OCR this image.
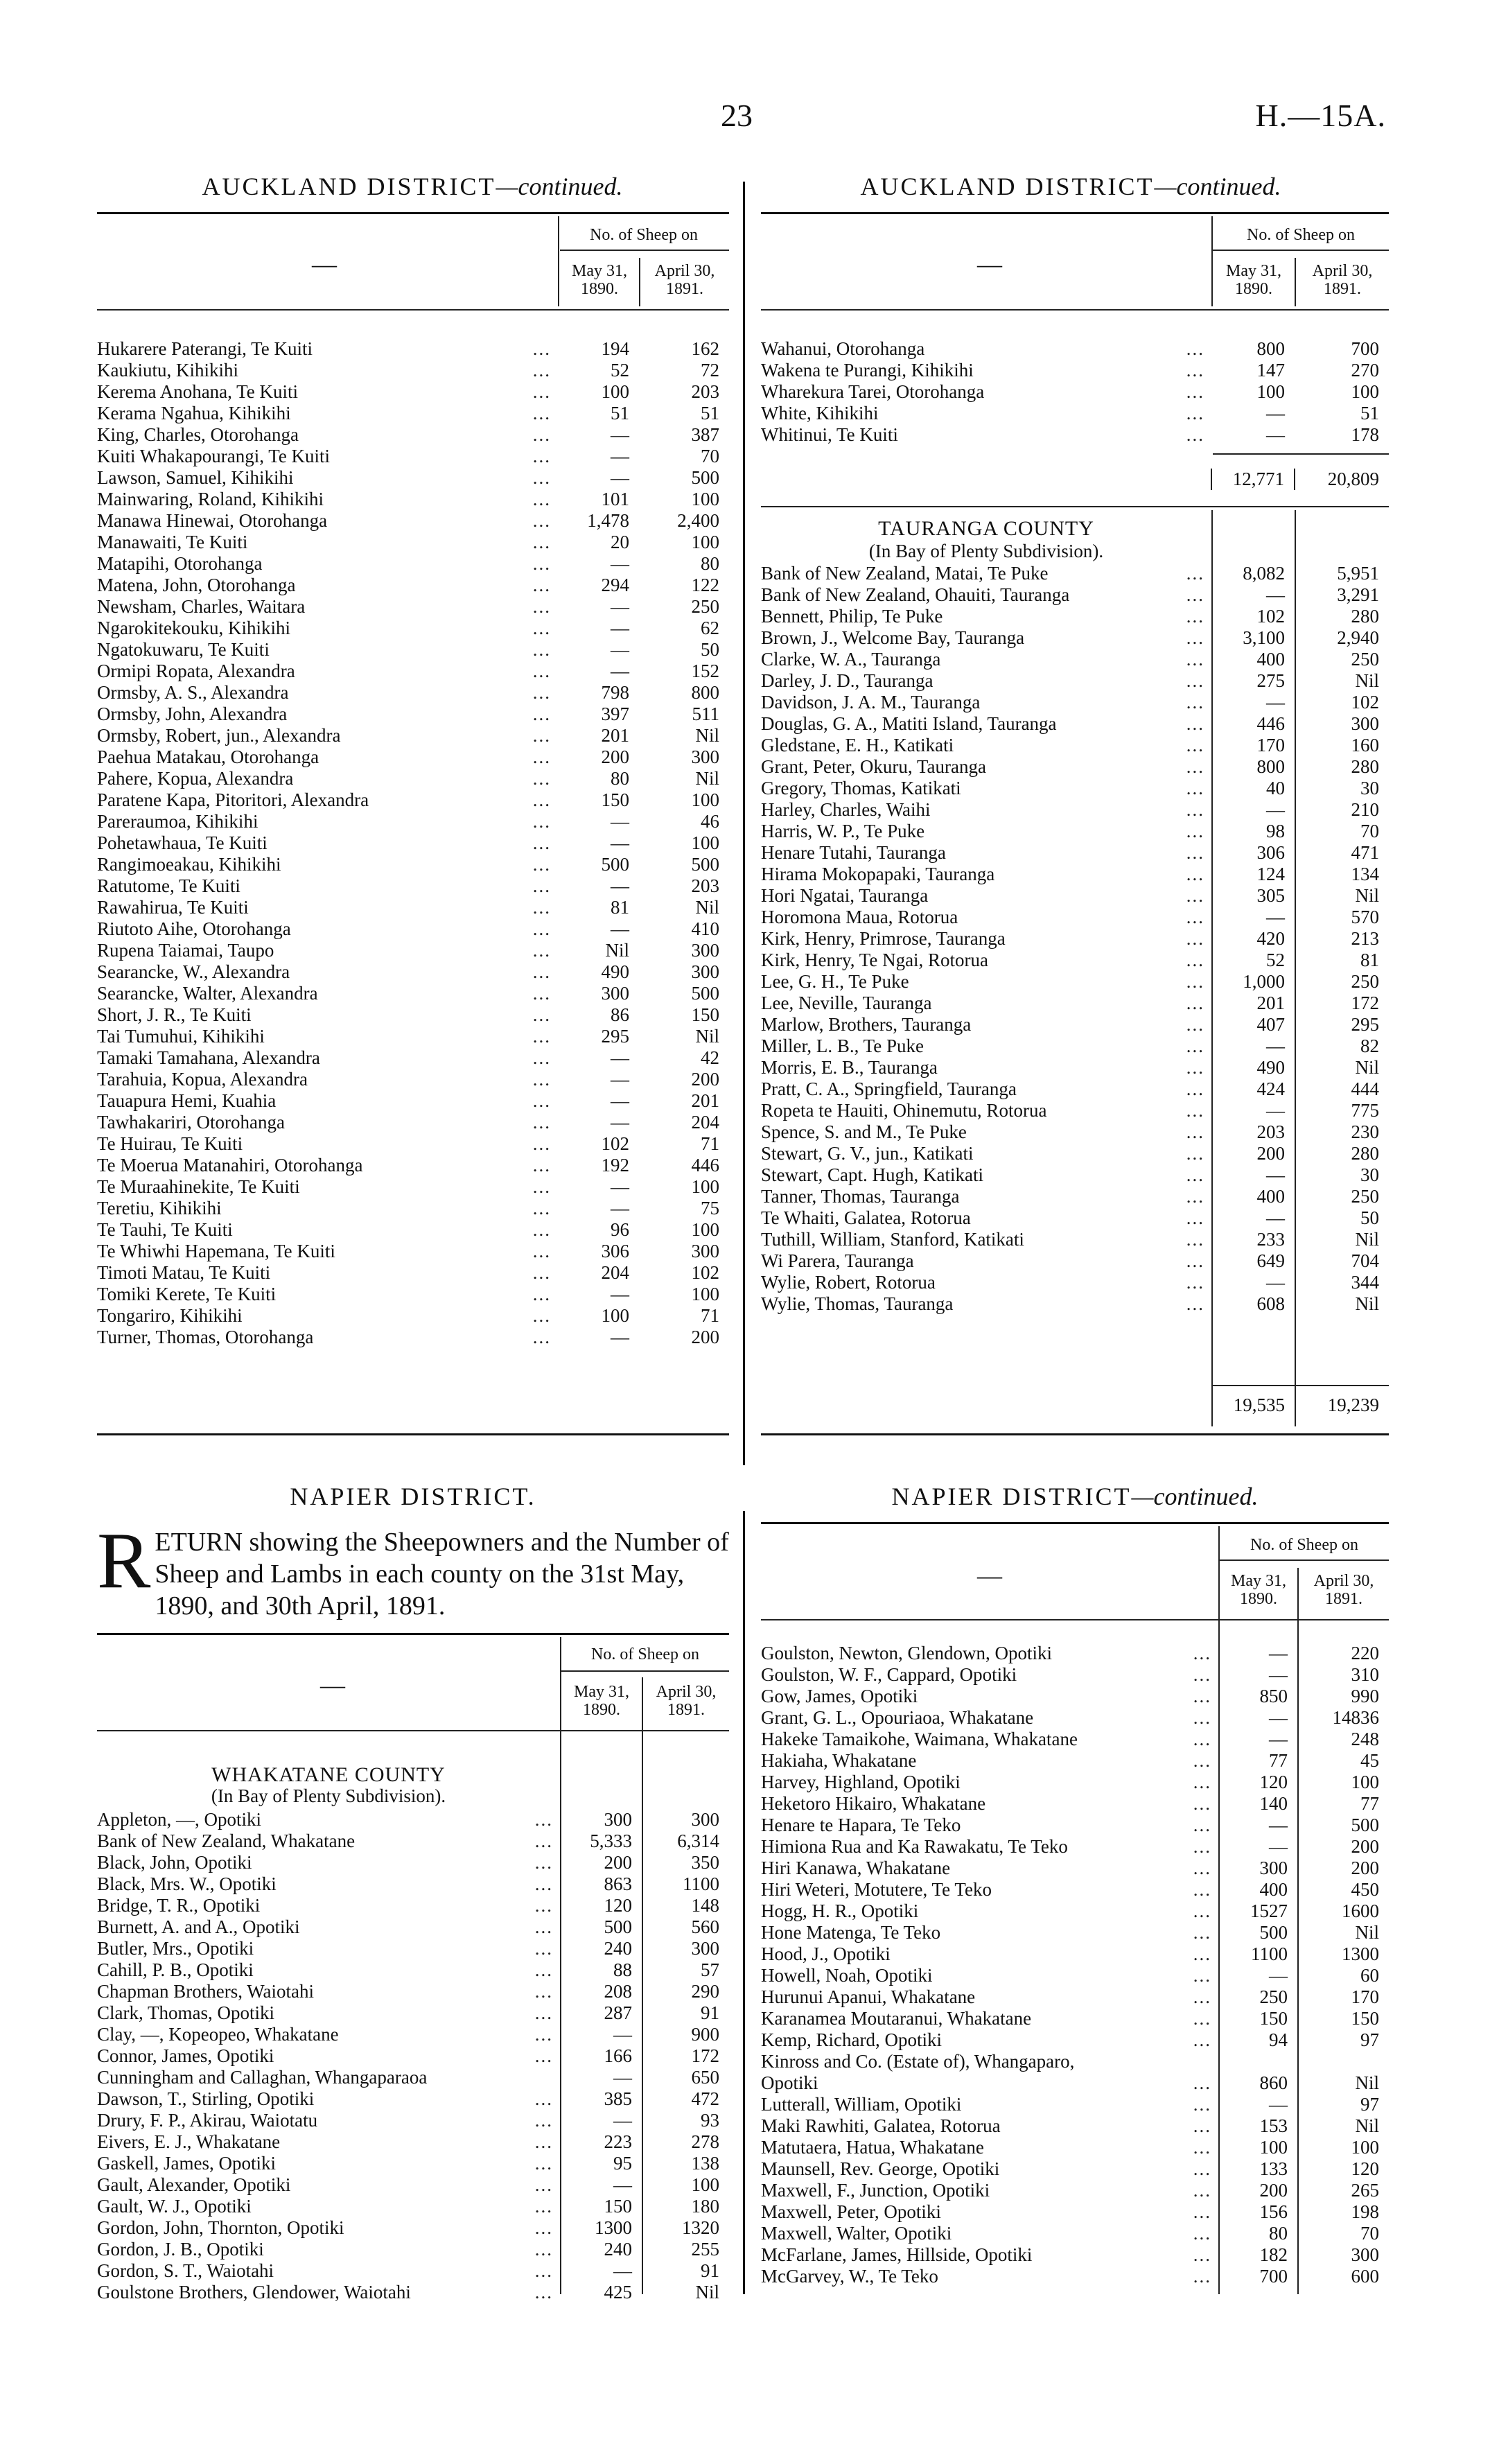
23	H.—15A.
AUCKLAND DISTRICT—continued.
No. of Sheep on
May 31,
1890.
April 30,
1891.
—
Hukarere Paterangi, Te Kuiti ...	194	162
Kaukiutu, Kihikihi ...	52	72
Kerema Anohana, Te Kuiti ...	100	203
Kerama Ngahua, Kihikihi ...	51	51
King, Charles, Otorohanga ...	—	387
Kuiti Whakapourangi, Te Kuiti ...	—	70
Lawson, Samuel, Kihikihi ...	—	500
Mainwaring, Roland, Kihikihi ...	101	100
Manawa Hinewai, Otorohanga ...	1,478	2,400
Manawaiti, Te Kuiti ...	20	100
Matapihi, Otorohanga ...	—	80
Matena, John, Otorohanga ...	294	122
Newsham, Charles, Waitara ...	—	250
Ngarokitekouku, Kihikihi ...	—	62
Ngatokuwaru, Te Kuiti ...	—	50
Ormipi Ropata, Alexandra ...	—	152
Ormsby, A. S., Alexandra ...	798	800
Ormsby, John, Alexandra ...	397	511
Ormsby, Robert, jun., Alexandra ...	201	Nil
Paehua Matakau, Otorohanga ...	200	300
Pahere, Kopua, Alexandra ...	80	Nil
Paratene Kapa, Pitoritori, Alexandra ...	150	100
Pareraumoa, Kihikihi ...	—	46
Pohetawhaua, Te Kuiti ...	—	100
Rangimoeakau, Kihikihi ...	500	500
Ratutome, Te Kuiti ...	—	203
Rawahirua, Te Kuiti ...	81	Nil
Riutoto Aihe, Otorohanga ...	—	410
Rupena Taiamai, Taupo ...	Nil	300
Searancke, W., Alexandra ...	490	300
Searancke, Walter, Alexandra ...	300	500
Short, J. R., Te Kuiti ...	86	150
Tai Tumuhui, Kihikihi ...	295	Nil
Tamaki Tamahana, Alexandra ...	—	42
Tarahuia, Kopua, Alexandra ...	—	200
Tauapura Hemi, Kuahia ...	—	201
Tawhakariri, Otorohanga ...	—	204
Te Huirau, Te Kuiti ...	102	71
Te Moerua Matanahiri, Otorohanga ...	192	446
Te Muraahinekite, Te Kuiti ...	—	100
Teretiu, Kihikihi ...	—	75
Te Tauhi, Te Kuiti ...	96	100
Te Whiwhi Hapemana, Te Kuiti ...	306	300
Timoti Matau, Te Kuiti ...	204	102
Tomiki Kerete, Te Kuiti ...	—	100
Tongariro, Kihikihi ...	100	71
Turner, Thomas, Otorohanga ...	—	200
AUCKLAND DISTRICT—continued.
No. of Sheep on
May 31,
1890.
April 30,
1891.
—
Wahanui, Otorohanga ...	800	700
Wakena te Purangi, Kihikihi ...	147	270
Wharekura Tarei, Otorohanga ...	100	100
White, Kihikihi ...	—	51
Whitinui, Te Kuiti ...	—	178
	12,771	20,809
TAURANGA COUNTY
(In Bay of Plenty Subdivision).
Bank of New Zealand, Matai, Te Puke ...	8,082	5,951
Bank of New Zealand, Ohauiti, Tauranga ...	—	3,291
Bennett, Philip, Te Puke ...	102	280
Brown, J., Welcome Bay, Tauranga ...	3,100	2,940
Clarke, W. A., Tauranga ...	400	250
Darley, J. D., Tauranga ...	275	Nil
Davidson, J. A. M., Tauranga ...	—	102
Douglas, G. A., Matiti Island, Tauranga ...	446	300
Gledstane, E. H., Katikati ...	170	160
Grant, Peter, Okuru, Tauranga ...	800	280
Gregory, Thomas, Katikati ...	40	30
Harley, Charles, Waihi ...	—	210
Harris, W. P., Te Puke ...	98	70
Henare Tutahi, Tauranga ...	306	471
Hirama Mokopapaki, Tauranga ...	124	134
Hori Ngatai, Tauranga ...	305	Nil
Horomona Maua, Rotorua ...	—	570
Kirk, Henry, Primrose, Tauranga ...	420	213
Kirk, Henry, Te Ngai, Rotorua ...	52	81
Lee, G. H., Te Puke ...	1,000	250
Lee, Neville, Tauranga ...	201	172
Marlow, Brothers, Tauranga ...	407	295
Miller, L. B., Te Puke ...	—	82
Morris, E. B., Tauranga ...	490	Nil
Pratt, C. A., Springfield, Tauranga ...	424	444
Ropeta te Hauiti, Ohinemutu, Rotorua ...	—	775
Spence, S. and M., Te Puke ...	203	230
Stewart, G. V., jun., Katikati ...	200	280
Stewart, Capt. Hugh, Katikati ...	—	30
Tanner, Thomas, Tauranga ...	400	250
Te Whaiti, Galatea, Rotorua ...	—	50
Tuthill, William, Stanford, Katikati ...	233	Nil
Wi Parera, Tauranga ...	649	704
Wylie, Robert, Rotorua ...	—	344
Wylie, Thomas, Tauranga ...	608	Nil
	19,535	19,239
NAPIER DISTRICT.
RETURN showing the Sheepowners and the Number of Sheep and Lambs in each county on the 31st May, 1890, and 30th April, 1891.
No. of Sheep on
May 31,
1890.
April 30,
1891.
—
WHAKATANE COUNTY
(In Bay of Plenty Subdivision).
Appleton, —, Opotiki ...	300	300
Bank of New Zealand, Whakatane ...	5,333	6,314
Black, John, Opotiki ...	200	350
Black, Mrs. W., Opotiki ...	863	1100
Bridge, T. R., Opotiki ...	120	148
Burnett, A. and A., Opotiki ...	500	560
Butler, Mrs., Opotiki ...	240	300
Cahill, P. B., Opotiki ...	88	57
Chapman Brothers, Waiotahi ...	208	290
Clark, Thomas, Opotiki ...	287	91
Clay, —, Kopeopeo, Whakatane ...	—	900
Connor, James, Opotiki ...	166	172
Cunningham and Callaghan, Whangaparaoa	—	650
Dawson, T., Stirling, Opotiki ...	385	472
Drury, F. P., Akirau, Waiotatu ...	—	93
Eivers, E. J., Whakatane ...	223	278
Gaskell, James, Opotiki ...	95	138
Gault, Alexander, Opotiki ...	—	100
Gault, W. J., Opotiki ...	150	180
Gordon, John, Thornton, Opotiki ...	1300	1320
Gordon, J. B., Opotiki ...	240	255
Gordon, S. T., Waiotahi ...	—	91
Goulstone Brothers, Glendower, Waiotahi ...	425	Nil
NAPIER DISTRICT—continued.
No. of Sheep on
May 31,
1890.
April 30,
1891.
—
Goulston, Newton, Glendown, Opotiki ...	—	220
Goulston, W. F., Cappard, Opotiki ...	—	310
Gow, James, Opotiki ...	850	990
Grant, G. L., Opouriaoa, Whakatane ...	—	14836
Hakeke Tamaikohe, Waimana, Whakatane ...	—	248
Hakiaha, Whakatane ...	77	45
Harvey, Highland, Opotiki ...	120	100
Heketoro Hikairo, Whakatane ...	140	77
Henare te Hapara, Te Teko ...	—	500
Himiona Rua and Ka Rawakatu, Te Teko ...	—	200
Hiri Kanawa, Whakatane ...	300	200
Hiri Weteri, Motutere, Te Teko ...	400	450
Hogg, H. R., Opotiki ...	1527	1600
Hone Matenga, Te Teko ...	500	Nil
Hood, J., Opotiki ...	1100	1300
Howell, Noah, Opotiki ...	—	60
Hurunui Apanui, Whakatane ...	250	170
Karanamea Moutaranui, Whakatane ...	150	150
Kemp, Richard, Opotiki ...	94	97
Kinross and Co. (Estate of), Whangaparo,

Opotiki ...	860	Nil
Lutterall, William, Opotiki ...	—	97
Maki Rawhiti, Galatea, Rotorua ...	153	Nil
Matutaera, Hatua, Whakatane ...	100	100
Maunsell, Rev. George, Opotiki ...	133	120
Maxwell, F., Junction, Opotiki ...	200	265
Maxwell, Peter, Opotiki ...	156	198
Maxwell, Walter, Opotiki ...	80	70
McFarlane, James, Hillside, Opotiki ...	182	300
McGarvey, W., Te Teko ...	700	600
